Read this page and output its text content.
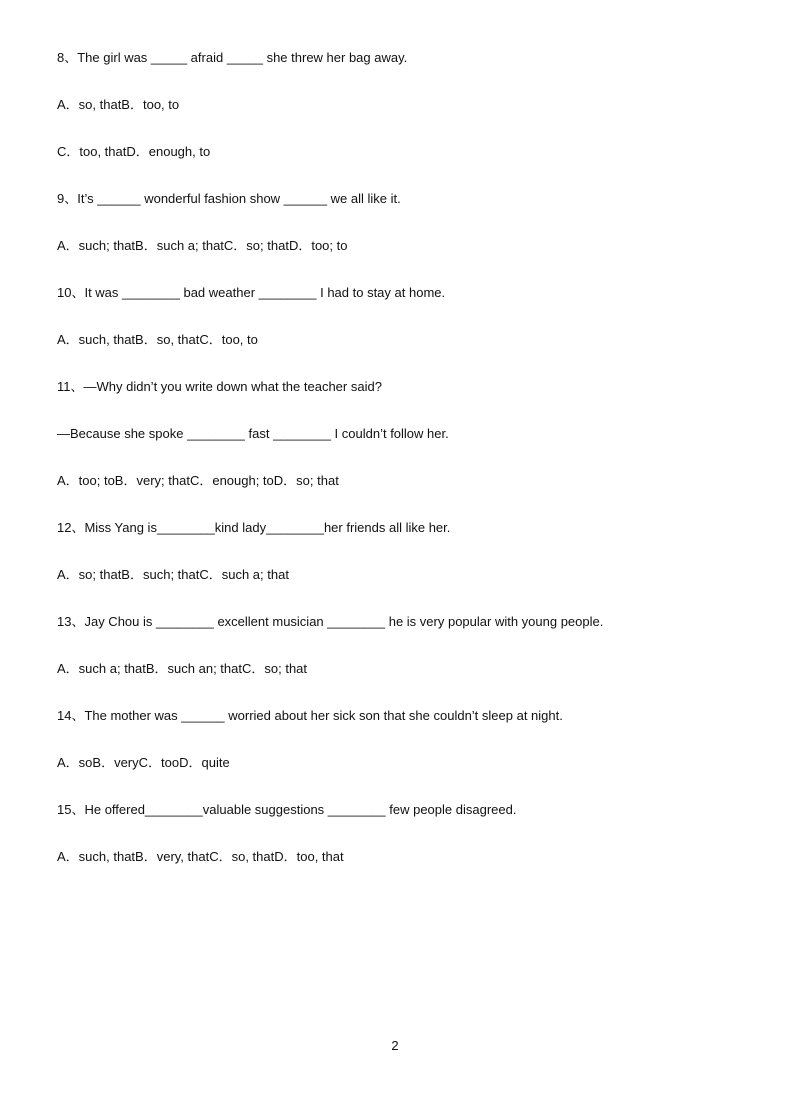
8、The girl was _____ afraid _____ she threw her bag away.
A．so, thatB．too, to
C．too, thatD．enough, to
9、It’s ______ wonderful fashion show ______ we all like it.
A．such; thatB．such a; thatC．so; thatD．too; to
10、It was ________ bad weather ________ I had to stay at home.
A．such, thatB．so, thatC．too, to
11、—Why didn’t you write down what the teacher said?
—Because she spoke ________ fast ________ I couldn’t follow her.
A．too; toB．very; thatC．enough; toD．so; that
12、Miss Yang is________kind lady________her friends all like her.
A．so; thatB．such; thatC．such a; that
13、Jay Chou is ________ excellent musician ________ he is very popular with young people.
A．such a; thatB．such an; thatC．so; that
14、The mother was ______ worried about her sick son that she couldn’t sleep at night.
A．soB．veryC．tooD．quite
15、He offered________valuable suggestions ________ few people disagreed.
A．such, thatB．very, thatC．so, thatD．too, that
2
